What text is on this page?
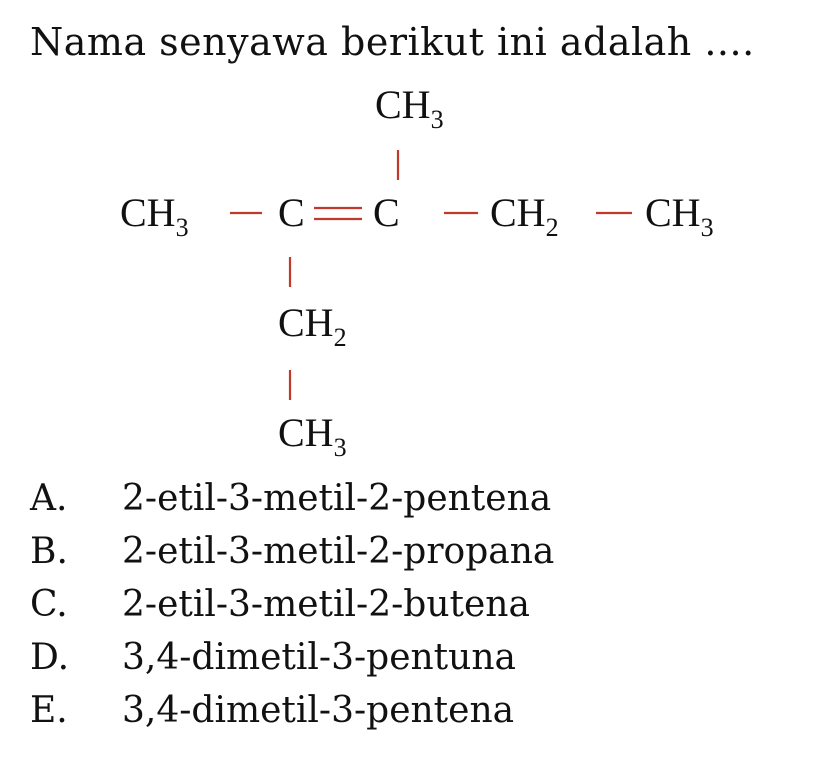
Nama senyawa berikut ini adalah ....
CH3
CH3 C C CH2 CH3
CH2
CH3
A.	2-etil-3-metil-2-pentena
B.	2-etil-3-metil-2-propana
C.	2-etil-3-metil-2-butena
D.	3,4-dimetil-3-pentuna
E.	3,4-dimetil-3-pentena
